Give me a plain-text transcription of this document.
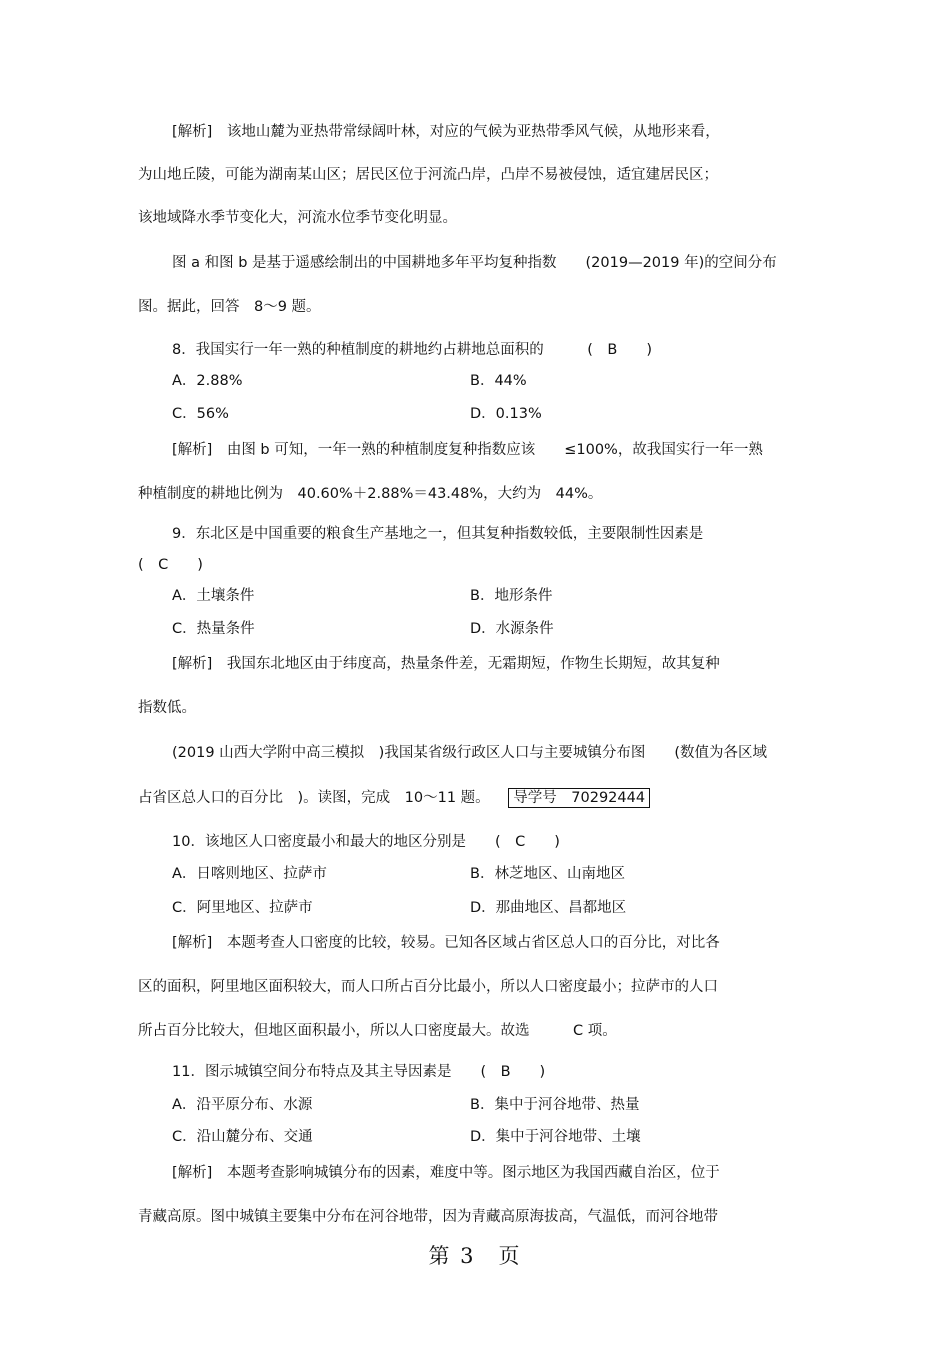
[解析]　该地山麓为亚热带常绿阔叶林，对应的气候为亚热带季风气候，从地形来看，
为山地丘陵，可能为湖南某山区；居民区位于河流凸岸，凸岸不易被侵蚀，适宜建居民区；
该地域降水季节变化大，河流水位季节变化明显。
图 a 和图 b 是基于遥感绘制出的中国耕地多年平均复种指数　　(2019—2019 年)的空间分布
图。据此，回答　8～9 题。
8．我国实行一年一熟的种植制度的耕地约占耕地总面积的　　　(　B　　)
A．2.88%	B．44%
C．56%	D．0.13%
[解析]　由图 b 可知，一年一熟的种植制度复种指数应该　　≤100%，故我国实行一年一熟
种植制度的耕地比例为　40.60%＋2.88%＝43.48%，大约为　44%。
9．东北区是中国重要的粮食生产基地之一，但其复种指数较低，主要限制性因素是
(　C　　)
A．土壤条件	B．地形条件
C．热量条件	D．水源条件
[解析]　我国东北地区由于纬度高，热量条件差，无霜期短，作物生长期短，故其复种
指数低。
(2019 山西大学附中高三模拟　)我国某省级行政区人口与主要城镇分布图　　(数值为各区域
占省区总人口的百分比　)。读图，完成　10～11 题。 导学号　70292444
10．该地区人口密度最小和最大的地区分别是　　(　C　　)
A．日喀则地区、拉萨市	B．林芝地区、山南地区
C．阿里地区、拉萨市	D．那曲地区、昌都地区
[解析]　本题考查人口密度的比较，较易。已知各区域占省区总人口的百分比，对比各
区的面积，阿里地区面积较大，而人口所占百分比最小，所以人口密度最小；拉萨市的人口
所占百分比较大，但地区面积最小，所以人口密度最大。故选　　　C 项。
11．图示城镇空间分布特点及其主导因素是　　(　B　　)
A．沿平原分布、水源	B．集中于河谷地带、热量
C．沿山麓分布、交通	D．集中于河谷地带、土壤
[解析]　本题考查影响城镇分布的因素，难度中等。图示地区为我国西藏自治区，位于
青藏高原。图中城镇主要集中分布在河谷地带，因为青藏高原海拔高，气温低，而河谷地带
第 3　页
